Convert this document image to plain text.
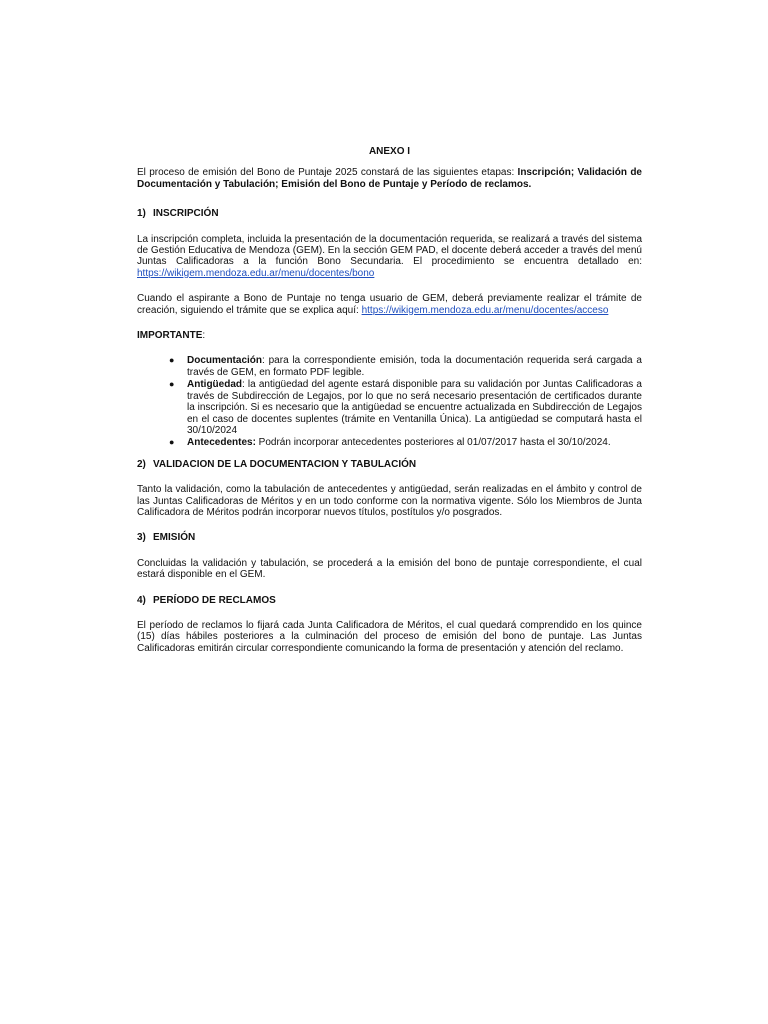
ANEXO I

El proceso de emisión del Bono de Puntaje 2025 constará de las siguientes etapas: Inscripción; Validación de Documentación y Tabulación; Emisión del Bono de Puntaje y Período de reclamos.

1) INSCRIPCIÓN

La inscripción completa, incluida la presentación de la documentación requerida, se realizará a través del sistema de Gestión Educativa de Mendoza (GEM). En la sección GEM PAD, el docente deberá acceder a través del menú Juntas Calificadoras a la función Bono Secundaria. El procedimiento se encuentra detallado en: https://wikigem.mendoza.edu.ar/menu/docentes/bono

Cuando el aspirante a Bono de Puntaje no tenga usuario de GEM, deberá previamente realizar el trámite de creación, siguiendo el trámite que se explica aquí: https://wikigem.mendoza.edu.ar/menu/docentes/acceso

IMPORTANTE:
● Documentación: para la correspondiente emisión, toda la documentación requerida será cargada a través de GEM, en formato PDF legible.
● Antigüedad: la antigüedad del agente estará disponible para su validación por Juntas Calificadoras a través de Subdirección de Legajos, por lo que no será necesario presentación de certificados durante la inscripción. Si es necesario que la antigüedad se encuentre actualizada en Subdirección de Legajos en el caso de docentes suplentes (trámite en Ventanilla Única). La antigüedad se computará hasta el 30/10/2024
● Antecedentes: Podrán incorporar antecedentes posteriores al 01/07/2017 hasta el 30/10/2024.
2) VALIDACION DE LA DOCUMENTACION Y TABULACIÓN

Tanto la validación, como la tabulación de antecedentes y antigüedad, serán realizadas en el ámbito y control de las Juntas Calificadoras de Méritos y en un todo conforme con la normativa vigente. Sólo los Miembros de Junta Calificadora de Méritos podrán incorporar nuevos títulos, postítulos y/o posgrados.

3) EMISIÓN

Concluidas la validación y tabulación, se procederá a la emisión del bono de puntaje correspondiente, el cual estará disponible en el GEM.

4) PERÍODO DE RECLAMOS

El período de reclamos lo fijará cada Junta Calificadora de Méritos, el cual quedará comprendido en los quince (15) días hábiles posteriores a la culminación del proceso de emisión del bono de puntaje. Las Juntas Calificadoras emitirán circular correspondiente comunicando la forma de presentación y atención del reclamo.
